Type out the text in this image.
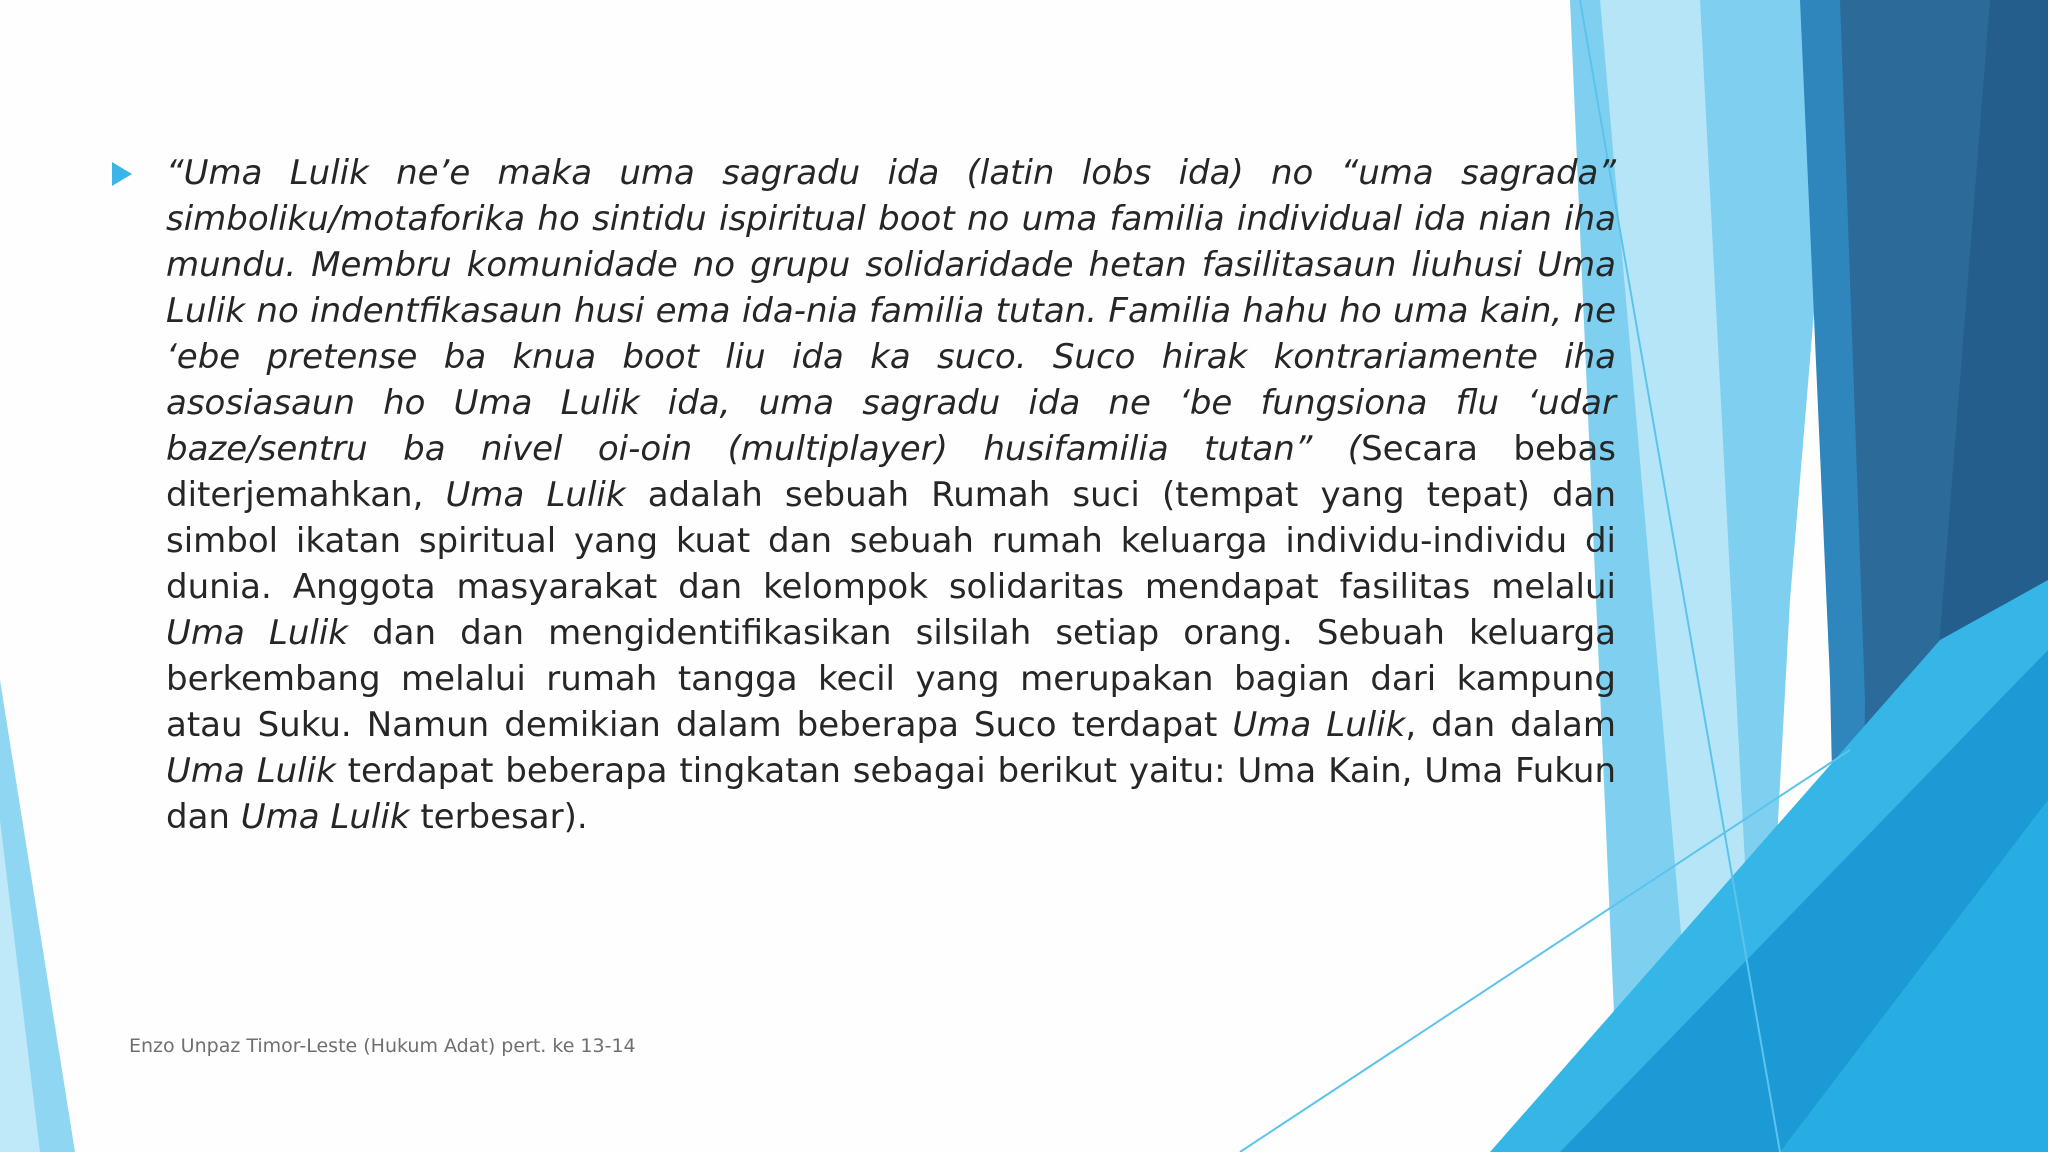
“Uma Lulik ne’e maka uma sagradu ida (latin lobs ida) no “uma sagrada” simboliku/motaforika ho sintidu ispiritual boot no uma familia individual ida nian iha mundu. Membru komunidade no grupu solidaridade hetan fasilitasaun liuhusi Uma Lulik no indentfikasaun husi ema ida-nia familia tutan. Familia hahu ho uma kain, ne ‘ebe pretense ba knua boot liu ida ka suco. Suco hirak kontrariamente iha asosiasaun ho Uma Lulik ida, uma sagradu ida ne ‘be fungsiona flu ‘udar baze/sentru ba nivel oi-oin (multiplayer) husifamilia tutan” (Secara bebas diterjemahkan, Uma Lulik adalah sebuah Rumah suci (tempat yang tepat) dan simbol ikatan spiritual yang kuat dan sebuah rumah keluarga individu-individu di dunia. Anggota masyarakat dan kelompok solidaritas mendapat fasilitas melalui Uma Lulik dan dan mengidentifikasikan silsilah setiap orang. Sebuah keluarga berkembang melalui rumah tangga kecil yang merupakan bagian dari kampung atau Suku. Namun demikian dalam beberapa Suco terdapat Uma Lulik, dan dalam Uma Lulik terdapat beberapa tingkatan sebagai berikut yaitu: Uma Kain, Uma Fukun dan Uma Lulik terbesar).

Enzo Unpaz Timor-Leste (Hukum Adat) pert. ke 13-14
